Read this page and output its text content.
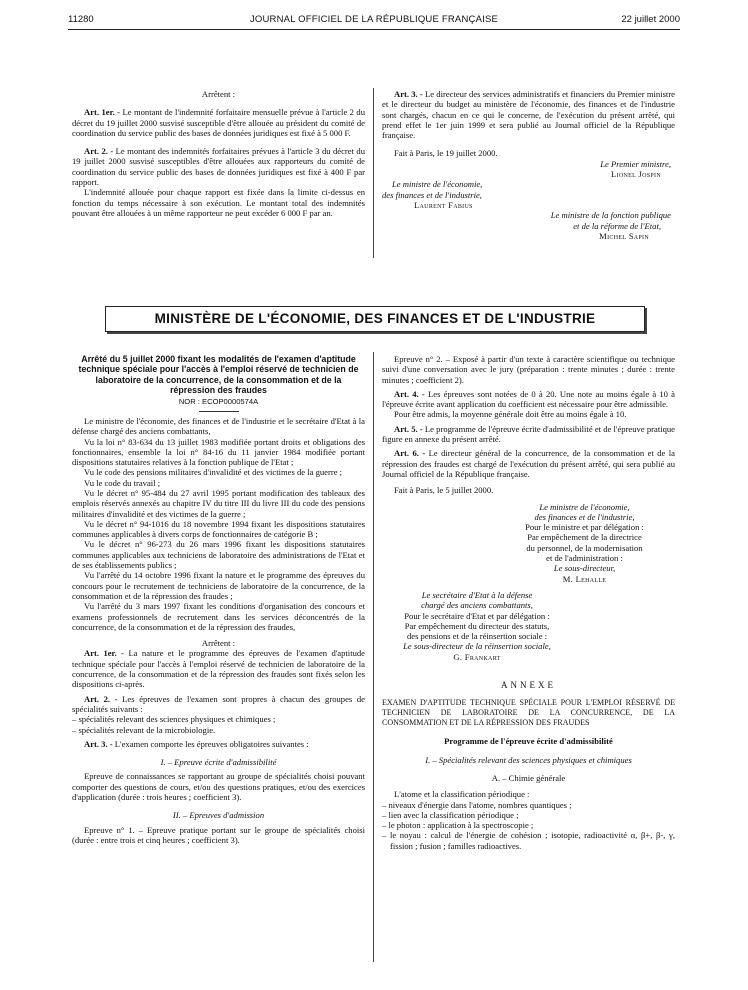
11280	JOURNAL OFFICIEL DE LA RÉPUBLIQUE FRANÇAISE	22 juillet 2000

Arrêtent :

Art. 1er. - Le montant de l'indemnité forfaitaire mensuelle prévue à l'article 2 du décret du 19 juillet 2000 susvisé susceptible d'être allouée au président du comité de coordination du service public des bases de données juridiques est fixé à 5 000 F.

Art. 2. - Le montant des indemnités forfaitaires prévues à l'article 3 du décret du 19 juillet 2000 susvisé susceptibles d'être allouées aux rapporteurs du comité de coordination du service public des bases de données juridiques est fixé à 400 F par rapport.

L'indemnité allouée pour chaque rapport est fixée dans la limite ci-dessus en fonction du temps nécessaire à son exécution. Le montant total des indemnités pouvant être allouées à un même rapporteur ne peut excéder 6 000 F par an.

Art. 3. - Le directeur des services administratifs et financiers du Premier ministre et le directeur du budget au ministère de l'économie, des finances et de l'industrie sont chargés, chacun en ce qui le concerne, de l'exécution du présent arrêté, qui prend effet le 1er juin 1999 et sera publié au Journal officiel de la République française.

Fait à Paris, le 19 juillet 2000.

Le Premier ministre,

Lionel Jospin

Le ministre de l'économie,

des finances et de l'industrie,

Laurent Fabius

Le ministre de la fonction publique

et de la réforme de l'Etat,

Michel Sapin

MINISTÈRE DE L'ÉCONOMIE, DES FINANCES ET DE L'INDUSTRIE

Arrêté du 5 juillet 2000 fixant les modalités de l'examen d'aptitude technique spéciale pour l'accès à l'emploi réservé de technicien de laboratoire de la concurrence, de la consommation et de la répression des fraudes

NOR : ECOP0000574A

Le ministre de l'économie, des finances et de l'industrie et le secrétaire d'Etat à la défense chargé des anciens combattants,

Vu la loi n° 83-634 du 13 juillet 1983 modifiée portant droits et obligations des fonctionnaires, ensemble la loi n° 84-16 du 11 janvier 1984 modifiée portant dispositions statutaires relatives à la fonction publique de l'Etat ;

Vu le code des pensions militaires d'invalidité et des victimes de la guerre ;

Vu le code du travail ;

Vu le décret n° 95-484 du 27 avril 1995 portant modification des tableaux des emplois réservés annexés au chapitre IV du titre III du livre III du code des pensions militaires d'invalidité et des victimes de la guerre ;

Vu le décret n° 94-1016 du 18 novembre 1994 fixant les dispositions statutaires communes applicables à divers corps de fonctionnaires de catégorie B ;

Vu le décret n° 96-273 du 26 mars 1996 fixant les dispositions statutaires communes applicables aux techniciens de laboratoire des administrations de l'Etat et de ses établissements publics ;

Vu l'arrêté du 14 octobre 1996 fixant la nature et le programme des épreuves du concours pour le recrutement de techniciens de laboratoire de la concurrence, de la consommation et de la répression des fraudes ;

Vu l'arrêté du 3 mars 1997 fixant les conditions d'organisation des concours et examens professionnels de recrutement dans les services déconcentrés de la concurrence, de la consommation et de la répression des fraudes,

Arrêtent :

Art. 1er. - La nature et le programme des épreuves de l'examen d'aptitude technique spéciale pour l'accès à l'emploi réservé de technicien de laboratoire de la concurrence, de la consommation et de la répression des fraudes sont fixés selon les dispositions ci-après.

Art. 2. - Les épreuves de l'examen sont propres à chacun des groupes de spécialités suivants :

– spécialités relevant des sciences physiques et chimiques ;
– spécialités relevant de la microbiologie.

Art. 3. - L'examen comporte les épreuves obligatoires suivantes :

I. – Epreuve écrite d'admissibilité

Epreuve de connaissances se rapportant au groupe de spécialités choisi pouvant comporter des questions de cours, et/ou des questions pratiques, et/ou des exercices d'application (durée : trois heures ; coefficient 3).

II. – Epreuves d'admission

Epreuve n° 1. – Epreuve pratique portant sur le groupe de spécialités choisi (durée : entre trois et cinq heures ; coefficient 3).

Epreuve n° 2. – Exposé à partir d'un texte à caractère scientifique ou technique suivi d'une conversation avec le jury (préparation : trente minutes ; durée : trente minutes ; coefficient 2).

Art. 4. - Les épreuves sont notées de 0 à 20. Une note au moins égale à 10 à l'épreuve écrite avant application du coefficient est nécessaire pour être admissible.

Pour être admis, la moyenne générale doit être au moins égale à 10.

Art. 5. - Le programme de l'épreuve écrite d'admissibilité et de l'épreuve pratique figure en annexe du présent arrêté.

Art. 6. - Le directeur général de la concurrence, de la consommation et de la répression des fraudes est chargé de l'exécution du présent arrêté, qui sera publié au Journal officiel de la République française.

Fait à Paris, le 5 juillet 2000.

Le ministre de l'économie,

des finances et de l'industrie,

Pour le ministre et par délégation :

Par empêchement de la directrice

du personnel, de la modernisation

et de l'administration :

Le sous-directeur,

M. Lehalle

Le secrétaire d'Etat à la défense

chargé des anciens combattants,

Pour le secrétaire d'Etat et par délégation :

Par empêchement du directeur des statuts,

des pensions et de la réinsertion sociale :

Le sous-directeur de la réinsertion sociale,

G. Frankart

ANNEXE

EXAMEN D'APTITUDE TECHNIQUE SPÉCIALE POUR L'EMPLOI RÉSERVÉ DE TECHNICIEN DE LABORATOIRE DE LA CONCURRENCE, DE LA CONSOMMATION ET DE LA RÉPRESSION DES FRAUDES

Programme de l'épreuve écrite d'admissibilité

I. – Spécialités relevant des sciences physiques et chimiques

A. – Chimie générale

L'atome et la classification périodique :

– niveaux d'énergie dans l'atome, nombres quantiques ;
– lien avec la classification périodique ;
– le photon : application à la spectroscopie ;
– le noyau : calcul de l'énergie de cohésion ; isotopie, radioactivité α, β+, β-, γ, fission ; fusion ; familles radioactives.
